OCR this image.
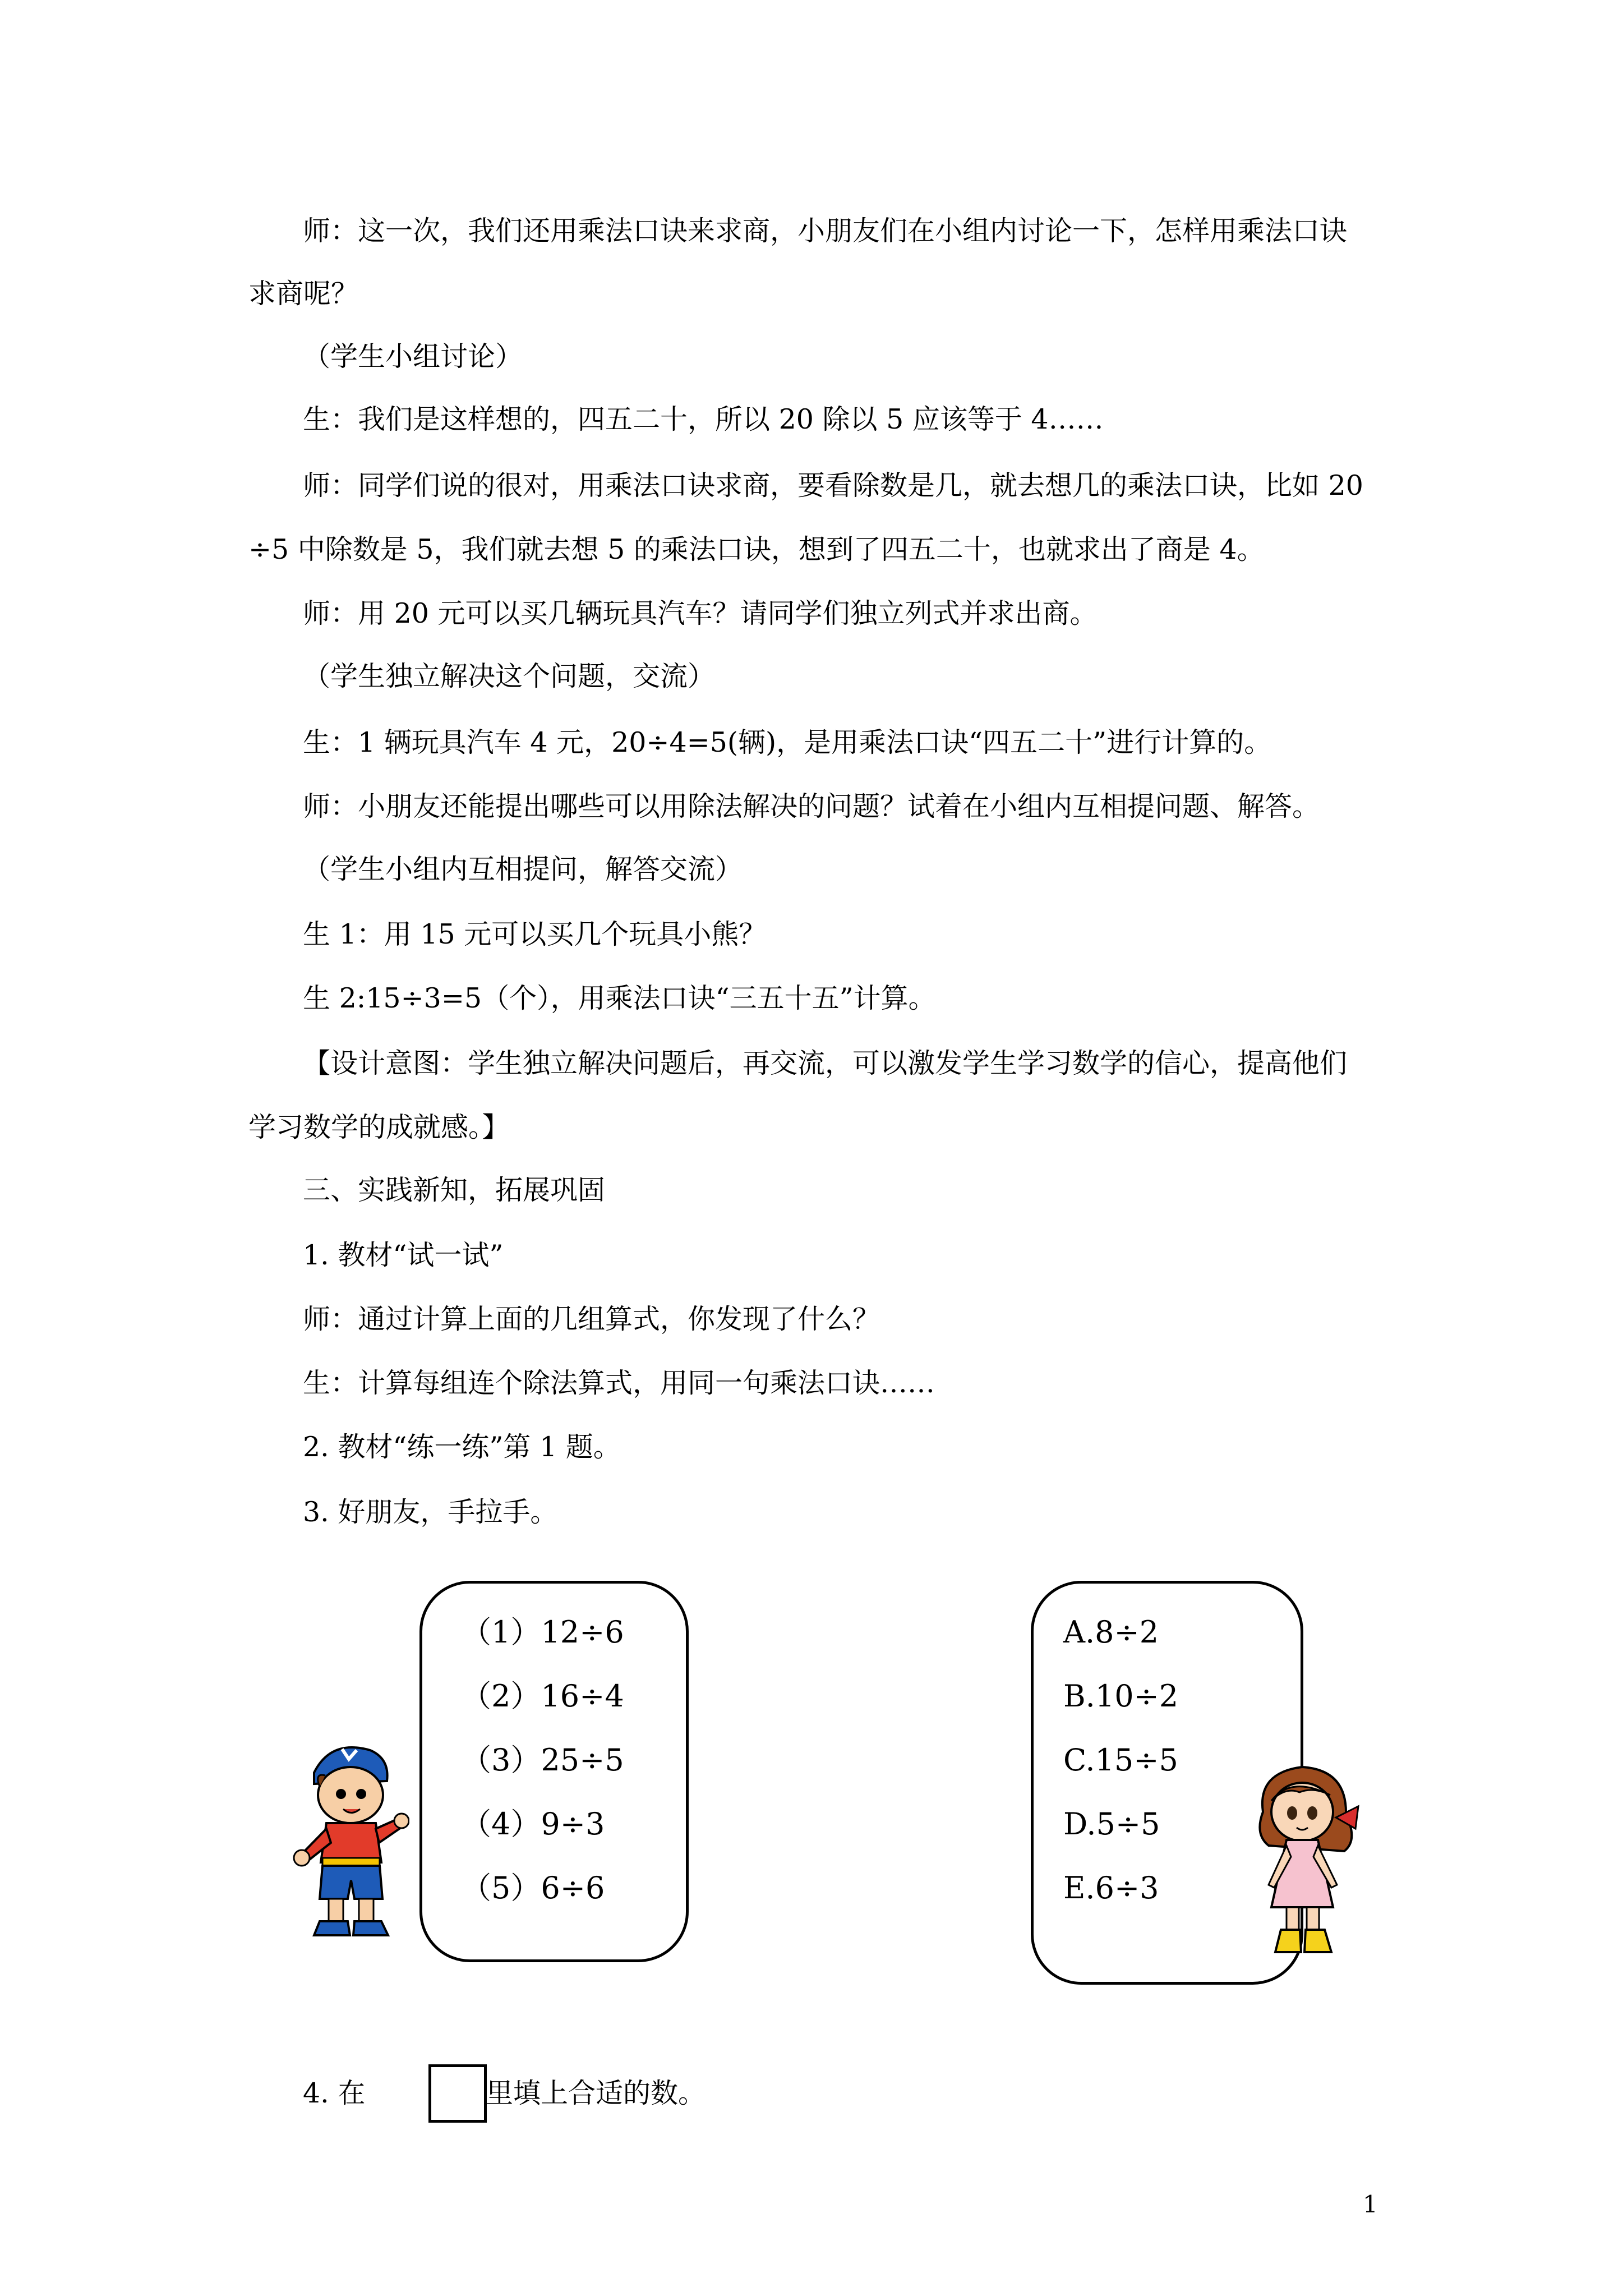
师：这一次，我们还用乘法口诀来求商，小朋友们在小组内讨论一下，怎样用乘法口诀
求商呢？
（学生小组讨论）
生：我们是这样想的，四五二十，所以 20 除以 5 应该等于 4……
师：同学们说的很对，用乘法口诀求商，要看除数是几，就去想几的乘法口诀，比如 20
÷5 中除数是 5，我们就去想 5 的乘法口诀，想到了四五二十，也就求出了商是 4。
师：用 20 元可以买几辆玩具汽车？请同学们独立列式并求出商。
（学生独立解决这个问题，交流）
生：1 辆玩具汽车 4 元，20÷4=5(辆)，是用乘法口诀“四五二十”进行计算的。
师：小朋友还能提出哪些可以用除法解决的问题？试着在小组内互相提问题、解答。
（学生小组内互相提问，解答交流）
生 1：用 15 元可以买几个玩具小熊？
生 2:15÷3=5（个），用乘法口诀“三五十五”计算。
【设计意图：学生独立解决问题后，再交流，可以激发学生学习数学的信心，提高他们
学习数学的成就感。】
三、实践新知，拓展巩固
1. 教材“试一试”
师：通过计算上面的几组算式，你发现了什么？
生：计算每组连个除法算式，用同一句乘法口诀……
2. 教材“练一练”第 1 题。
3. 好朋友，手拉手。
（1）12÷6
（2）16÷4
（3）25÷5
（4）9÷3
（5）6÷6
A.8÷2
B.10÷2
C.15÷5
D.5÷5
E.6÷3
4. 在	里填上合适的数。
1
